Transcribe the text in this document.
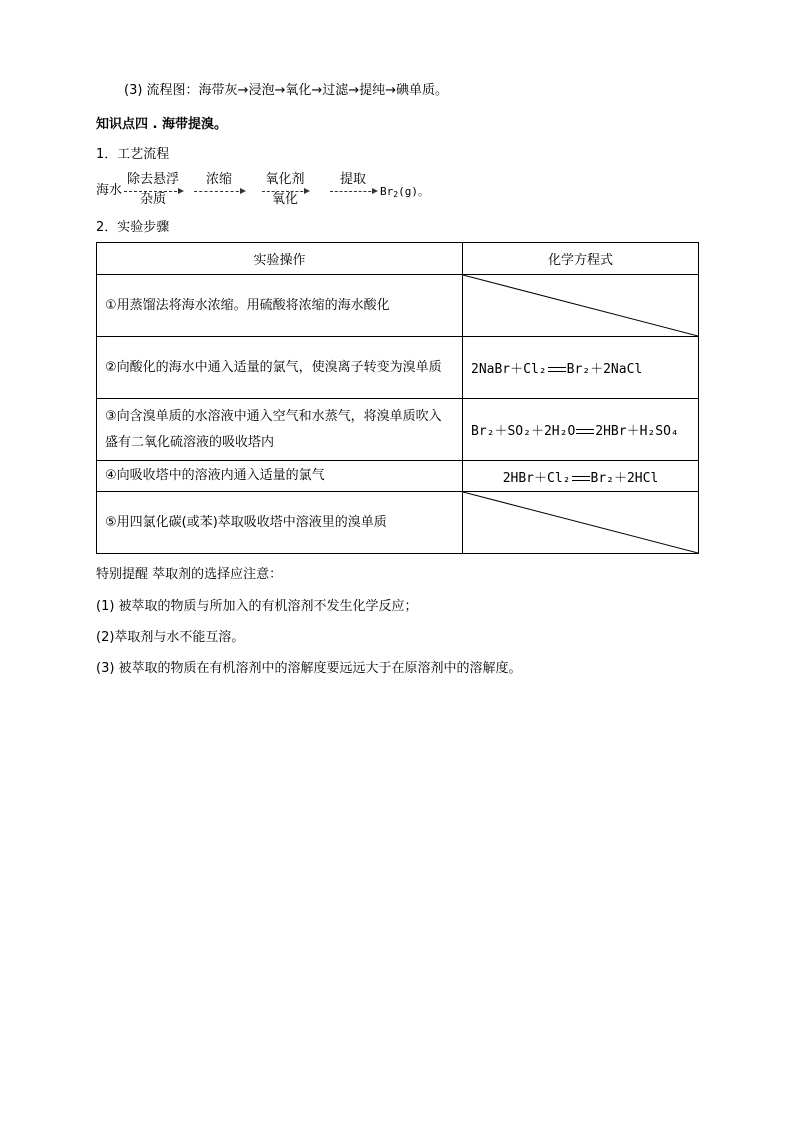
(3) 流程图：海带灰→浸泡→氧化→过滤→提纯→碘单质。
知识点四 . 海带提溴。
1．工艺流程
海水
除去悬浮
杂质
浓缩	氧化剂
氧化
提取
$Br_2(g)$。
2．实验步骤
实验操作	化学方程式
①用蒸馏法将海水浓缩。用硫酸将浓缩的海水酸化	

②向酸化的海水中通入适量的氯气，使溴离子转变为溴单质	2NaBr＋Cl₂ Br₂＋2NaCl
③向含溴单质的水溶液中通入空气和水蒸气，将溴单质吹入盛有二氧化硫溶液的吸收塔内	Br₂＋SO₂＋2H₂O 2HBr＋H₂SO₄
④向吸收塔中的溶液内通入适量的氯气	2HBr＋Cl₂ Br₂＋2HCl
⑤用四氯化碳(或苯)萃取吸收塔中溶液里的溴单质	
特别提醒 萃取剂的选择应注意：
(1) 被萃取的物质与所加入的有机溶剂不发生化学反应；
(2)萃取剂与水不能互溶。
(3) 被萃取的物质在有机溶剂中的溶解度要远远大于在原溶剂中的溶解度。
